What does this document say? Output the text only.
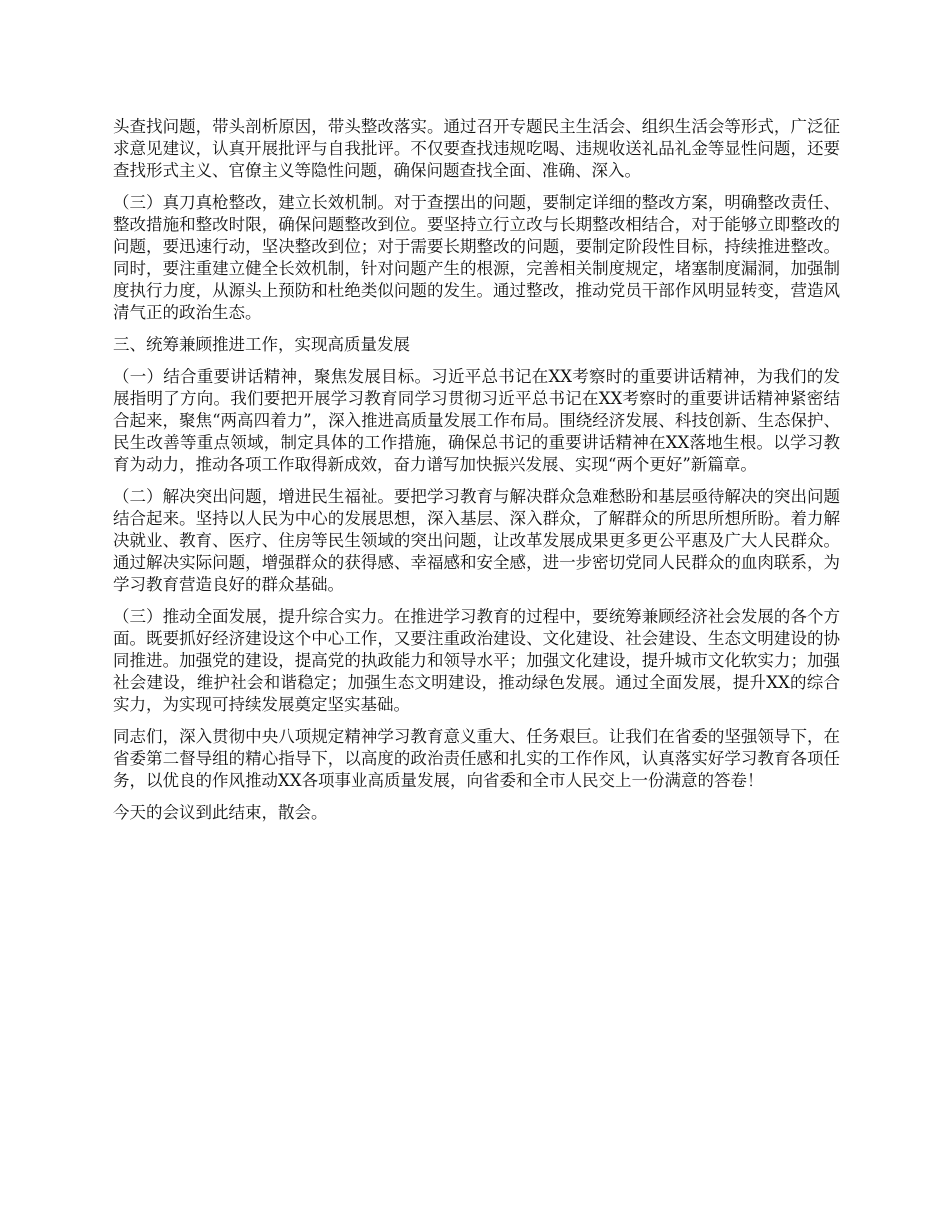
头查找问题，带头剖析原因，带头整改落实。通过召开专题民主生活会、组织生活会等形式，广泛征求意见建议，认真开展批评与自我批评。不仅要查找违规吃喝、违规收送礼品礼金等显性问题，还要查找形式主义、官僚主义等隐性问题，确保问题查找全面、准确、深入。

（三）真刀真枪整改，建立长效机制。对于查摆出的问题，要制定详细的整改方案，明确整改责任、整改措施和整改时限，确保问题整改到位。要坚持立行立改与长期整改相结合，对于能够立即整改的问题，要迅速行动，坚决整改到位；对于需要长期整改的问题，要制定阶段性目标，持续推进整改。同时，要注重建立健全长效机制，针对问题产生的根源，完善相关制度规定，堵塞制度漏洞，加强制度执行力度，从源头上预防和杜绝类似问题的发生。通过整改，推动党员干部作风明显转变，营造风清气正的政治生态。

三、统筹兼顾推进工作，实现高质量发展

（一）结合重要讲话精神，聚焦发展目标。习近平总书记在XX考察时的重要讲话精神，为我们的发展指明了方向。我们要把开展学习教育同学习贯彻习近平总书记在XX考察时的重要讲话精神紧密结合起来，聚焦“两高四着力”，深入推进高质量发展工作布局。围绕经济发展、科技创新、生态保护、民生改善等重点领域，制定具体的工作措施，确保总书记的重要讲话精神在XX落地生根。以学习教育为动力，推动各项工作取得新成效，奋力谱写加快振兴发展、实现“两个更好”新篇章。

（二）解决突出问题，增进民生福祉。要把学习教育与解决群众急难愁盼和基层亟待解决的突出问题结合起来。坚持以人民为中心的发展思想，深入基层、深入群众，了解群众的所思所想所盼。着力解决就业、教育、医疗、住房等民生领域的突出问题，让改革发展成果更多更公平惠及广大人民群众。通过解决实际问题，增强群众的获得感、幸福感和安全感，进一步密切党同人民群众的血肉联系，为学习教育营造良好的群众基础。

（三）推动全面发展，提升综合实力。在推进学习教育的过程中，要统筹兼顾经济社会发展的各个方面。既要抓好经济建设这个中心工作，又要注重政治建设、文化建设、社会建设、生态文明建设的协同推进。加强党的建设，提高党的执政能力和领导水平；加强文化建设，提升城市文化软实力；加强社会建设，维护社会和谐稳定；加强生态文明建设，推动绿色发展。通过全面发展，提升XX的综合实力，为实现可持续发展奠定坚实基础。

同志们，深入贯彻中央八项规定精神学习教育意义重大、任务艰巨。让我们在省委的坚强领导下，在省委第二督导组的精心指导下，以高度的政治责任感和扎实的工作作风，认真落实好学习教育各项任务，以优良的作风推动XX各项事业高质量发展，向省委和全市人民交上一份满意的答卷！

今天的会议到此结束，散会。
